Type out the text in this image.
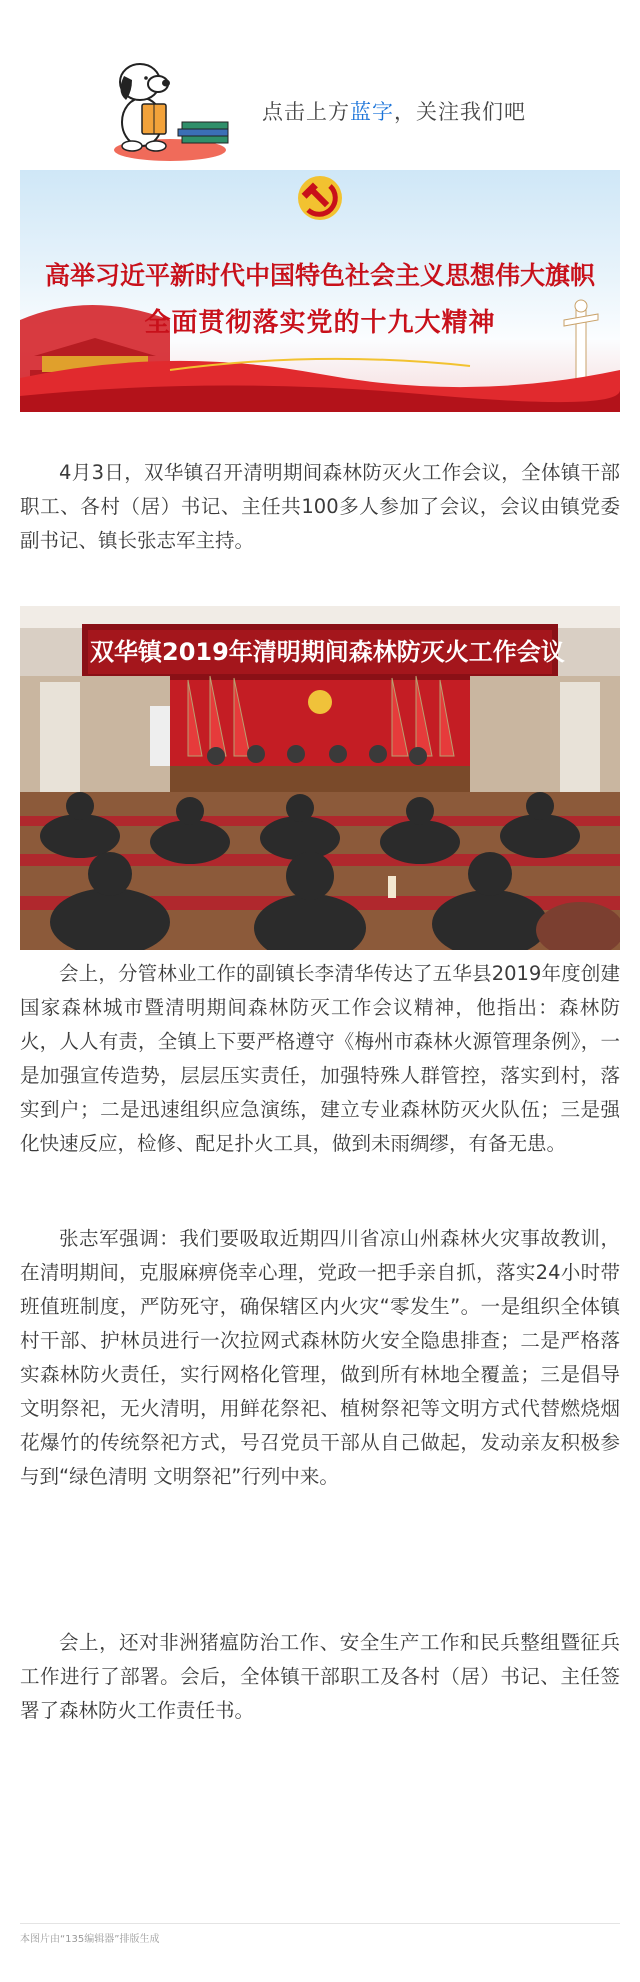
点击上方蓝字，关注我们吧
高举习近平新时代中国特色社会主义思想伟大旗帜
全面贯彻落实党的十九大精神

4月3日，双华镇召开清明期间森林防灭火工作会议，全体镇干部职工、各村（居）书记、主任共100多人参加了会议，会议由镇党委副书记、镇长张志军主持。

双华镇2019年清明期间森林防灭火工作会议

会上，分管林业工作的副镇长李清华传达了五华县2019年度创建国家森林城市暨清明期间森林防灭工作会议精神，他指出：森林防火，人人有责，全镇上下要严格遵守《梅州市森林火源管理条例》，一是加强宣传造势，层层压实责任，加强特殊人群管控，落实到村，落实到户；二是迅速组织应急演练，建立专业森林防灭火队伍；三是强化快速反应，检修、配足扑火工具，做到未雨绸缪，有备无患。

张志军强调：我们要吸取近期四川省凉山州森林火灾事故教训，在清明期间，克服麻痹侥幸心理，党政一把手亲自抓，落实24小时带班值班制度，严防死守，确保辖区内火灾“零发生”。一是组织全体镇村干部、护林员进行一次拉网式森林防火安全隐患排查；二是严格落实森林防火责任，实行网格化管理，做到所有林地全覆盖；三是倡导文明祭祀，无火清明，用鲜花祭祀、植树祭祀等文明方式代替燃烧烟花爆竹的传统祭祀方式，号召党员干部从自己做起，发动亲友积极参与到“绿色清明 文明祭祀”行列中来。

会上，还对非洲猪瘟防治工作、安全生产工作和民兵整组暨征兵工作进行了部署。会后，全体镇干部职工及各村（居）书记、主任签署了森林防火工作责任书。

本图片由“135编辑器”排版生成
